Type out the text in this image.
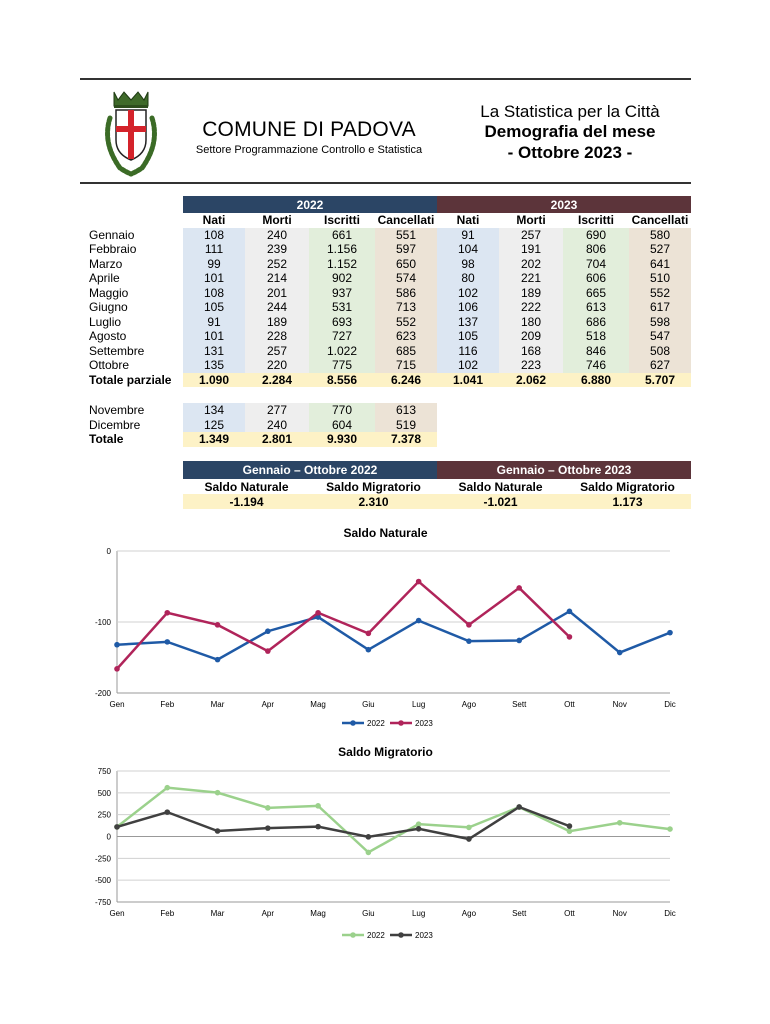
COMUNE DI PADOVA
Settore Programmazione Controllo e Statistica
La Statistica per la Città
Demografia del mese
- Ottobre 2023 -
	2022				2023			
	Nati	Morti	Iscritti	Cancellati	Nati	Morti	Iscritti	Cancellati
Gennaio	108	240	661	551	91	257	690	580
Febbraio	111	239	1.156	597	104	191	806	527
Marzo	99	252	1.152	650	98	202	704	641
Aprile	101	214	902	574	80	221	606	510
Maggio	108	201	937	586	102	189	665	552
Giugno	105	244	531	713	106	222	613	617
Luglio	91	189	693	552	137	180	686	598
Agosto	101	228	727	623	105	209	518	547
Settembre	131	257	1.022	685	116	168	846	508
Ottobre	135	220	775	715	102	223	746	627
Totale parziale	1.090	2.284	8.556	6.246	1.041	2.062	6.880	5.707
Novembre	134	277	770	613
Dicembre	125	240	604	519
Totale	1.349	2.801	9.930	7.378
Gennaio – Ottobre 2022		Gennaio – Ottobre 2023	
Saldo Naturale	Saldo Migratorio	Saldo Naturale	Saldo Migratorio
-1.194	2.310	-1.021	1.173
Saldo Naturale
0
-100
-200
Gen	Feb	Mar	Apr	Mag	Giu	Lug	Ago	Sett	Ott	Nov	Dic
2022	2023
Saldo Migratorio
750
500
250
0
-250
-500
-750
Gen	Feb	Mar	Apr	Mag	Giu	Lug	Ago	Sett	Ott	Nov	Dic
2022	2023
